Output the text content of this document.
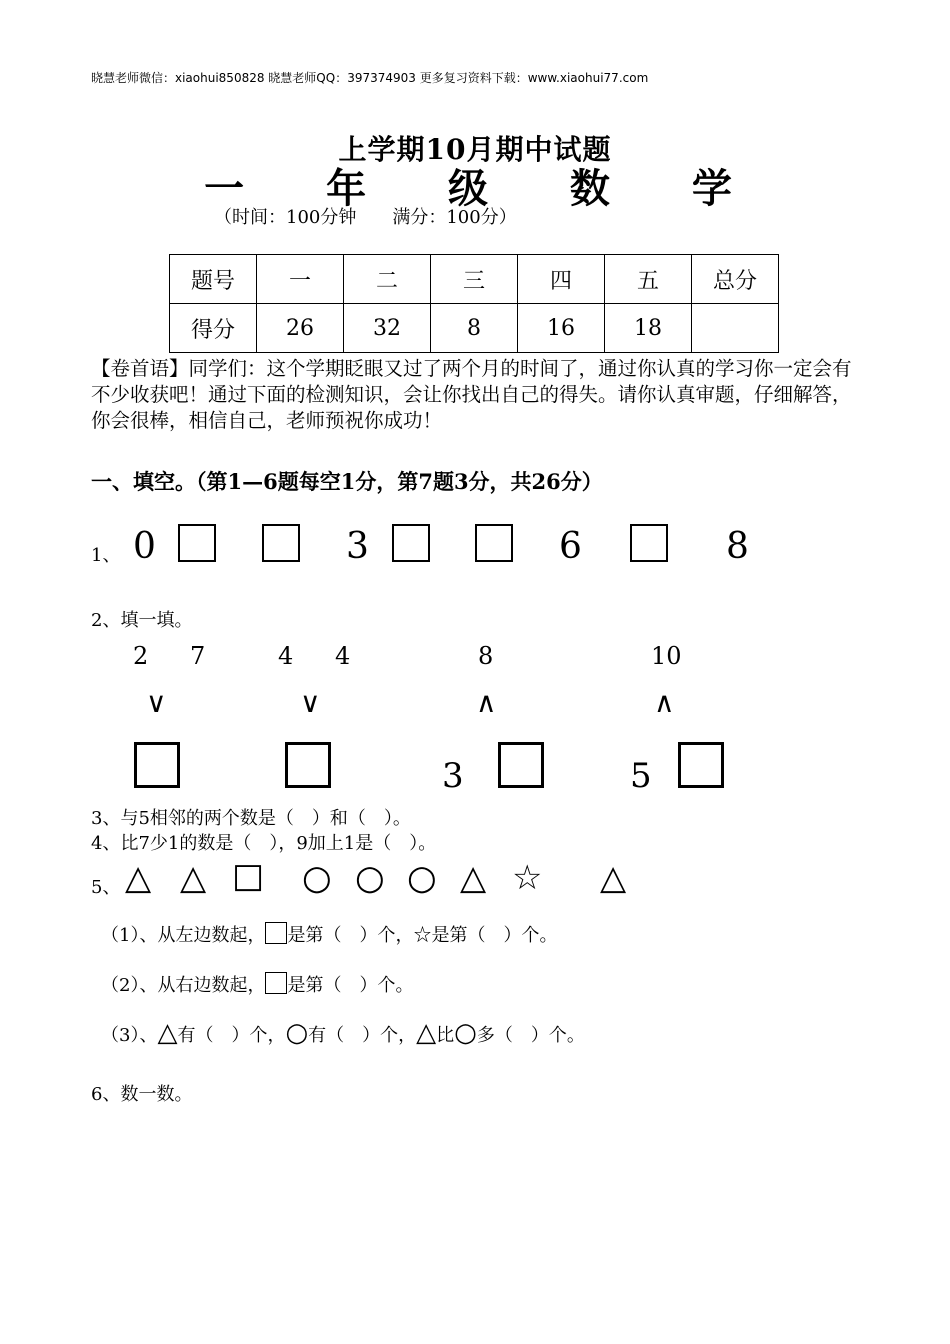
晓慧老师微信：xiaohui850828 晓慧老师QQ：397374903 更多复习资料下载：www.xiaohui77.com
上学期10月期中试题
一 年 级 数 学
（时间：100分钟　　满分：100分）
题号	一	二	三	四	五	总分
得分	26	32	8	16	18	
【卷首语】同学们：这个学期眨眼又过了两个月的时间了，通过你认真的学习你一定会有不少收获吧！通过下面的检测知识，会让你找出自己的得失。请你认真审题，仔细解答，你会很棒，相信自己，老师预祝你成功！
一、填空。（第1—6题每空1分，第7题3分，共26分）
1、 0	3	6	8
2、填一填。
2 7	4 4	8	10
∨	∨	∧	∧
3	5
3、与5相邻的两个数是（　）和（　）。
4、比7少1的数是（　），9加上1是（　）。
5、 △ △ □ ○ ○ ○ △ ☆ △
（1）、从左边数起， 是第（　）个，☆是第（　）个。
（2）、从右边数起， 是第（　）个。
（3）、△有（　）个，○有（　）个，△比○多（　）个。
6、数一数。
